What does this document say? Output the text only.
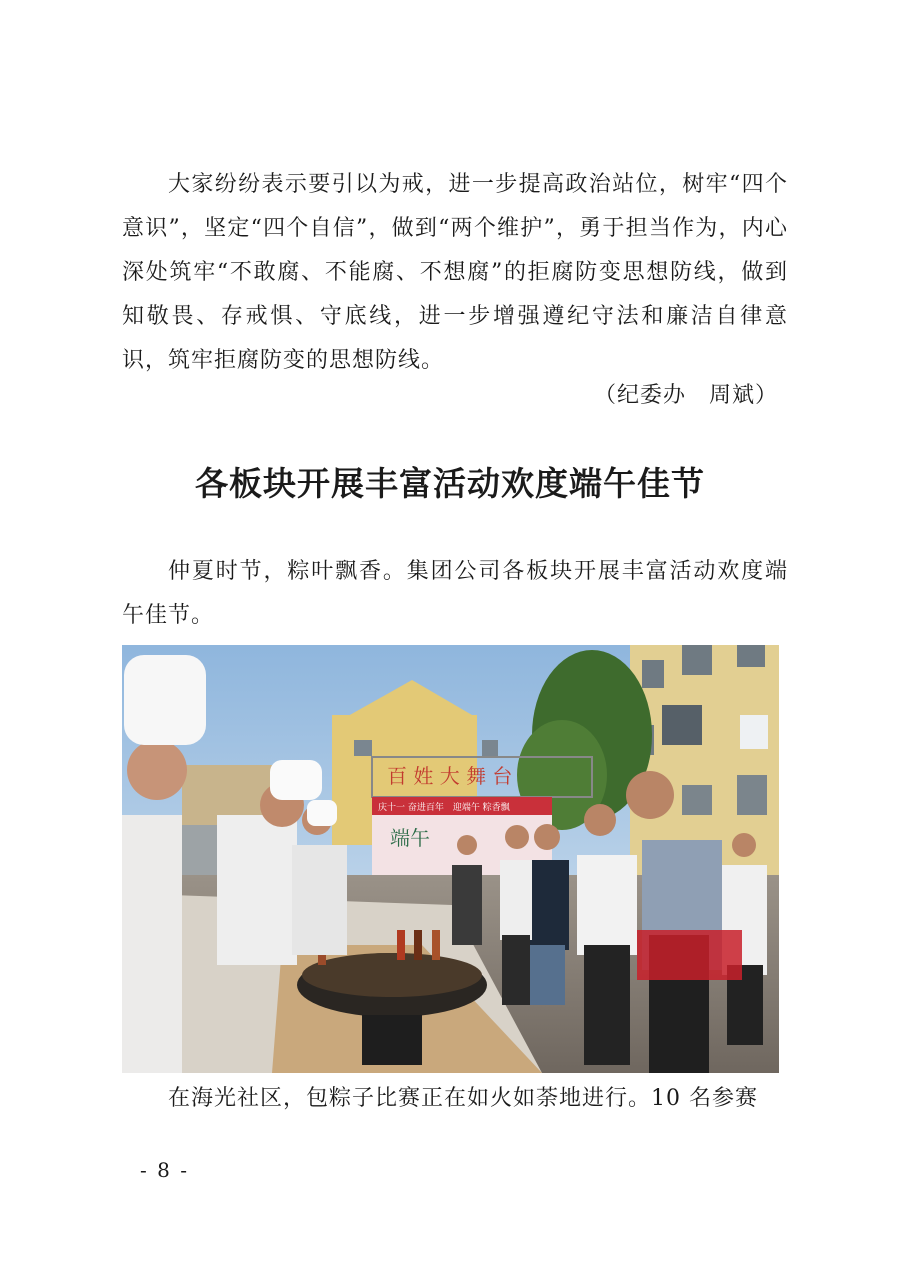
大家纷纷表示要引以为戒，进一步提高政治站位，树牢“四个意识”，坚定“四个自信”，做到“两个维护”，勇于担当作为，内心深处筑牢“不敢腐、不能腐、不想腐”的拒腐防变思想防线，做到知敬畏、存戒惧、守底线，进一步增强遵纪守法和廉洁自律意识，筑牢拒腐防变的思想防线。

（纪委办　周斌）

各板块开展丰富活动欢度端午佳节

仲夏时节，粽叶飘香。集团公司各板块开展丰富活动欢度端午佳节。

百 姓 大 舞 台
庆十一 奋进百年　迎端午 粽香飘
端午

在海光社区，包粽子比赛正在如火如荼地进行。10 名参赛

- 8 -
